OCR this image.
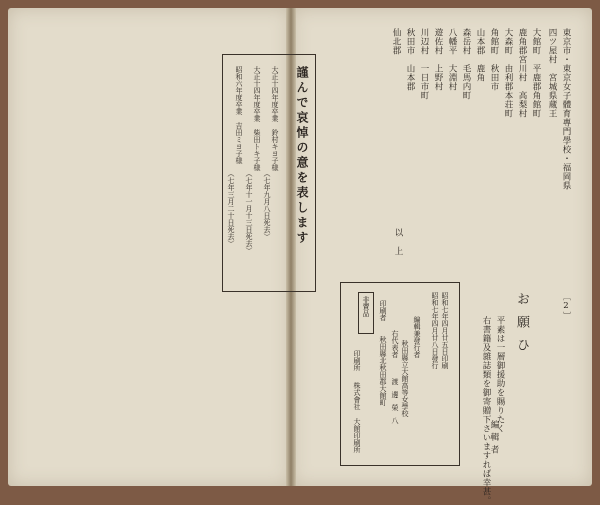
お願ひ	〔2〕
平素は一層御援助を賜りたく
右書籍及雜誌類を御寄贈下さいますれば幸甚。
編輯者
東京市・東京女子體育專門學校・福岡県
四ツ屋村　宮城県蔵王
大館町　平鹿郡角館町
鹿角郡宮川村　高梨村
大森町　由利郡本荘町
角館町　秋田市
山本郡　鹿角
森岳村　毛馬内町
八幡平　大淵村
遊佐村　上野村
川辺村　一日市町
秋田市　山本郡
仙北郡
以上
昭和七年四月廿五日印刷
昭和七年四月廿八日發行
非賣品
編輯兼發行者
秋田縣立大館高等女學校
右代表者
渡邊榮八
印刷者
秋田縣北秋田郡大館町
印刷所
株式會社 大館印刷所
謹んで哀悼の意を表します
大正十四年度卒業　鈴村キヨ子様
（七年九月八日死去）
大正十四年度卒業　柴田トキ子様
（七年十一月十三日死去）
昭和六年度卒業　吉田ミヨ子様
（七年三月二十日死去）
